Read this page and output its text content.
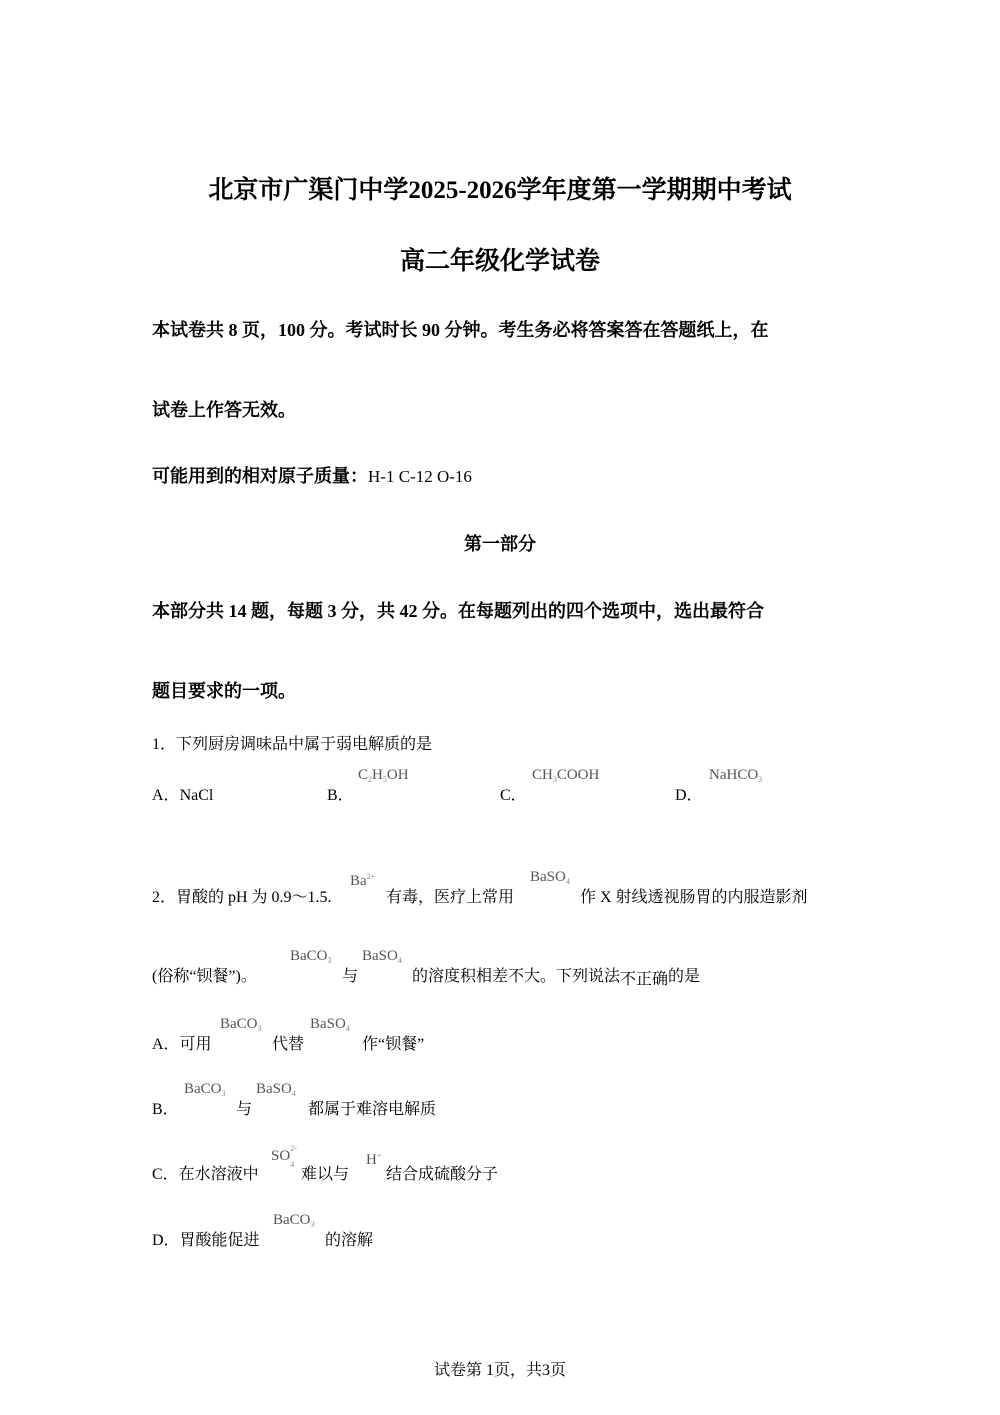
北京市广渠门中学2025-2026学年度第一学期期中考试
高二年级化学试卷
本试卷共 8 页，100 分。考试时长 90 分钟。考生务必将答案答在答题纸上，在
试卷上作答无效。
可能用到的相对原子质量：H-1 C-12 O-16
第一部分
本部分共 14 题，每题 3 分，共 42 分。在每题列出的四个选项中，选出最符合
题目要求的一项。
1．下列厨房调味品中属于弱电解质的是
A．NaCl	B．
$C_2H_5OH$
C．
$CH_3COOH$
D．
NaHCO$_3$
2．胃酸的 pH 为 0.9～1.5.
$Ba^{2+}$
有毒，医疗上常用
BaSO$_4$
作 X 射线透视肠胃的内服造影剂
(俗称“钡餐”)。
BaCO$_3$
与
BaSO$_4$
的溶度积相差不大。下列说法不正确的是
A．可用
BaCO$_3$
代替
BaSO$_4$
作“钡餐”
B．
BaCO$_3$
与
BaSO$_4$
都属于难溶电解质
C．在水溶液中
SO 2-
4
难以与
H+
结合成硫酸分子
D．胃酸能促进
BaCO$_3$
的溶解
试卷第 1页，共3页
